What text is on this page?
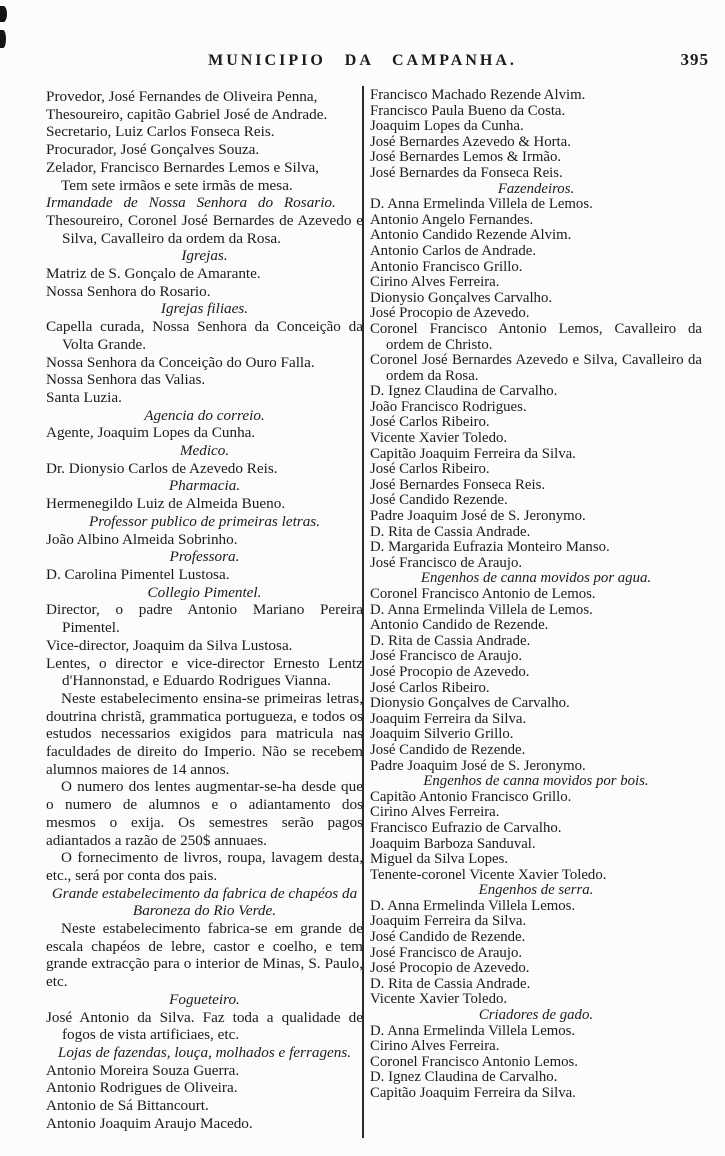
MUNICIPIO DA CAMPANHA.	395
Provedor, José Fernandes de Oliveira Penna,
Thesoureiro, capitão Gabriel José de Andrade.
Secretario, Luiz Carlos Fonseca Reis.
Procurador, José Gonçalves Souza.
Zelador, Francisco Bernardes Lemos e Silva,
Tem sete irmãos e sete irmãs de mesa.
Irmandade de Nossa Senhora do Rosario.
Thesoureiro, Coronel José Bernardes de Azevedo e Silva, Cavalleiro da ordem da Rosa.
Igrejas.
Matriz de S. Gonçalo de Amarante.
Nossa Senhora do Rosario.
Igrejas filiaes.
Capella curada, Nossa Senhora da Conceição da Volta Grande.
Nossa Senhora da Conceição do Ouro Falla.
Nossa Senhora das Valias.
Santa Luzia.
Agencia do correio.
Agente, Joaquim Lopes da Cunha.
Medico.
Dr. Dionysio Carlos de Azevedo Reis.
Pharmacia.
Hermenegildo Luiz de Almeida Bueno.
Professor publico de primeiras letras.
João Albino Almeida Sobrinho.
Professora.
D. Carolina Pimentel Lustosa.
Collegio Pimentel.
Director, o padre Antonio Mariano Pereira Pimentel.
Vice-director, Joaquim da Silva Lustosa.
Lentes, o director e vice-director Ernesto Lentz d'Hannonstad, e Eduardo Rodrigues Vianna.
Neste estabelecimento ensina-se primeiras letras, doutrina christã, grammatica portugueza, e todos os estudos necessarios exigidos para matricula nas faculdades de direito do Imperio. Não se recebem alumnos maiores de 14 annos.
O numero dos lentes augmentar-se-ha desde que o numero de alumnos e o adiantamento dos mesmos o exija. Os semestres serão pagos adiantados a razão de 250$ annuaes.
O fornecimento de livros, roupa, lavagem desta, etc., será por conta dos pais.
Grande estabelecimento da fabrica de chapéos da Baroneza do Rio Verde.
Neste estabelecimento fabrica-se em grande de escala chapéos de lebre, castor e coelho, e tem grande extracção para o interior de Minas, S. Paulo, etc.
Fogueteiro.
José Antonio da Silva. Faz toda a qualidade de fogos de vista artificiaes, etc.
Lojas de fazendas, louça, molhados e ferragens.
Antonio Moreira Souza Guerra.
Antonio Rodrigues de Oliveira.
Antonio de Sá Bittancourt.
Antonio Joaquim Araujo Macedo.
Francisco Machado Rezende Alvim.
Francisco Paula Bueno da Costa.
Joaquim Lopes da Cunha.
José Bernardes Azevedo & Horta.
José Bernardes Lemos & Irmão.
José Bernardes da Fonseca Reis.
Fazendeiros.
D. Anna Ermelinda Villela de Lemos.
Antonio Angelo Fernandes.
Antonio Candido Rezende Alvim.
Antonio Carlos de Andrade.
Antonio Francisco Grillo.
Cirino Alves Ferreira.
Dionysio Gonçalves Carvalho.
José Procopio de Azevedo.
Coronel Francisco Antonio Lemos, Cavalleiro da ordem de Christo.
Coronel José Bernardes Azevedo e Silva, Cavalleiro da ordem da Rosa.
D. Ignez Claudina de Carvalho.
João Francisco Rodrigues.
José Carlos Ribeiro.
Vicente Xavier Toledo.
Capitão Joaquim Ferreira da Silva.
José Carlos Ribeiro.
José Bernardes Fonseca Reis.
José Candido Rezende.
Padre Joaquim José de S. Jeronymo.
D. Rita de Cassia Andrade.
D. Margarida Eufrazia Monteiro Manso.
José Francisco de Araujo.
Engenhos de canna movidos por agua.
Coronel Francisco Antonio de Lemos.
D. Anna Ermelinda Villela de Lemos.
Antonio Candido de Rezende.
D. Rita de Cassia Andrade.
José Francisco de Araujo.
José Procopio de Azevedo.
José Carlos Ribeiro.
Dionysio Gonçalves de Carvalho.
Joaquim Ferreira da Silva.
Joaquim Silverio Grillo.
José Candido de Rezende.
Padre Joaquim José de S. Jeronymo.
Engenhos de canna movidos por bois.
Capitão Antonio Francisco Grillo.
Cirino Alves Ferreira.
Francisco Eufrazio de Carvalho.
Joaquim Barboza Sanduval.
Miguel da Silva Lopes.
Tenente-coronel Vicente Xavier Toledo.
Engenhos de serra.
D. Anna Ermelinda Villela Lemos.
Joaquim Ferreira da Silva.
José Candido de Rezende.
José Francisco de Araujo.
José Procopio de Azevedo.
D. Rita de Cassia Andrade.
Vicente Xavier Toledo.
Criadores de gado.
D. Anna Ermelinda Villela Lemos.
Cirino Alves Ferreira.
Coronel Francisco Antonio Lemos.
D. Ignez Claudina de Carvalho.
Capitão Joaquim Ferreira da Silva.
